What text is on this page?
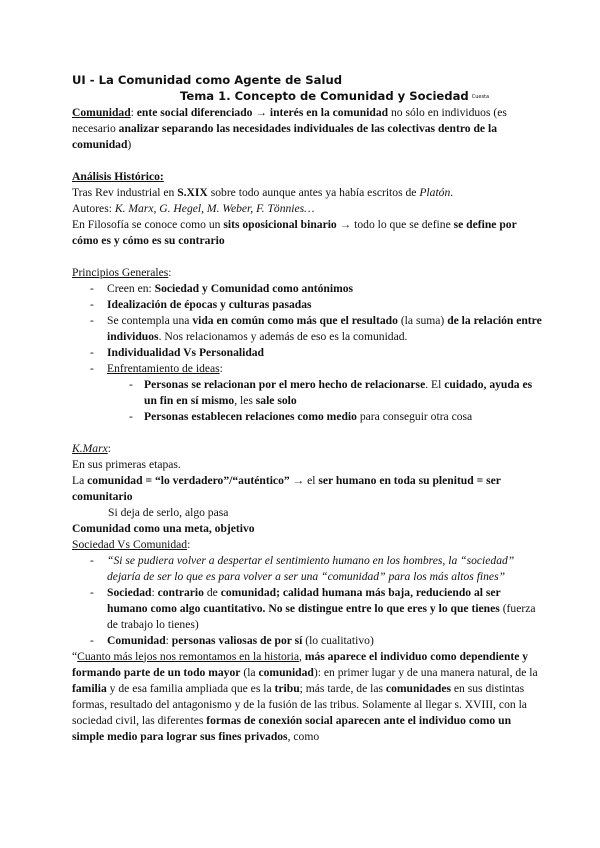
UI - La Comunidad como Agente de Salud
Tema 1. Concepto de Comunidad y Sociedad Cuesta

Comunidad: ente social diferenciado → interés en la comunidad no sólo en individuos (es necesario analizar separando las necesidades individuales de las colectivas dentro de la comunidad)

Análisis Histórico:

Tras Rev industrial en S.XIX sobre todo aunque antes ya había escritos de Platón.

Autores: K. Marx, G. Hegel, M. Weber, F. Tönnies…

En Filosofía se conoce como un sits oposicional binario → todo lo que se define se define por cómo es y cómo es su contrario

Principios Generales:

- Creen en: Sociedad y Comunidad como antónimos
- Idealización de épocas y culturas pasadas
- Se contempla una vida en común como más que el resultado (la suma) de la relación entre individuos. Nos relacionamos y además de eso es la comunidad.
- Individualidad Vs Personalidad
- Enfrentamiento de ideas:
- Personas se relacionan por el mero hecho de relacionarse. El cuidado, ayuda es un fin en sí mismo, les sale solo
- Personas establecen relaciones como medio para conseguir otra cosa

K.Marx:

En sus primeras etapas.

La comunidad = “lo verdadero”/“auténtico” → el ser humano en toda su plenitud = ser comunitario

Si deja de serlo, algo pasa

Comunidad como una meta, objetivo

Sociedad Vs Comunidad:

- “Si se pudiera volver a despertar el sentimiento humano en los hombres, la “sociedad” dejaría de ser lo que es para volver a ser una “comunidad” para los más altos fines”
- Sociedad: contrario de comunidad; calidad humana más baja, reduciendo al ser humano como algo cuantitativo. No se distingue entre lo que eres y lo que tienes (fuerza de trabajo lo tienes)
- Comunidad: personas valiosas de por sí (lo cualitativo)

“Cuanto más lejos nos remontamos en la historia, más aparece el individuo como dependiente y formando parte de un todo mayor (la comunidad): en primer lugar y de una manera natural, de la familia y de esa familia ampliada que es la tribu; más tarde, de las comunidades en sus distintas formas, resultado del antagonismo y de la fusión de las tribus. Solamente al llegar s. XVIII, con la sociedad civil, las diferentes formas de conexión social aparecen ante el individuo como un simple medio para lograr sus fines privados, como
